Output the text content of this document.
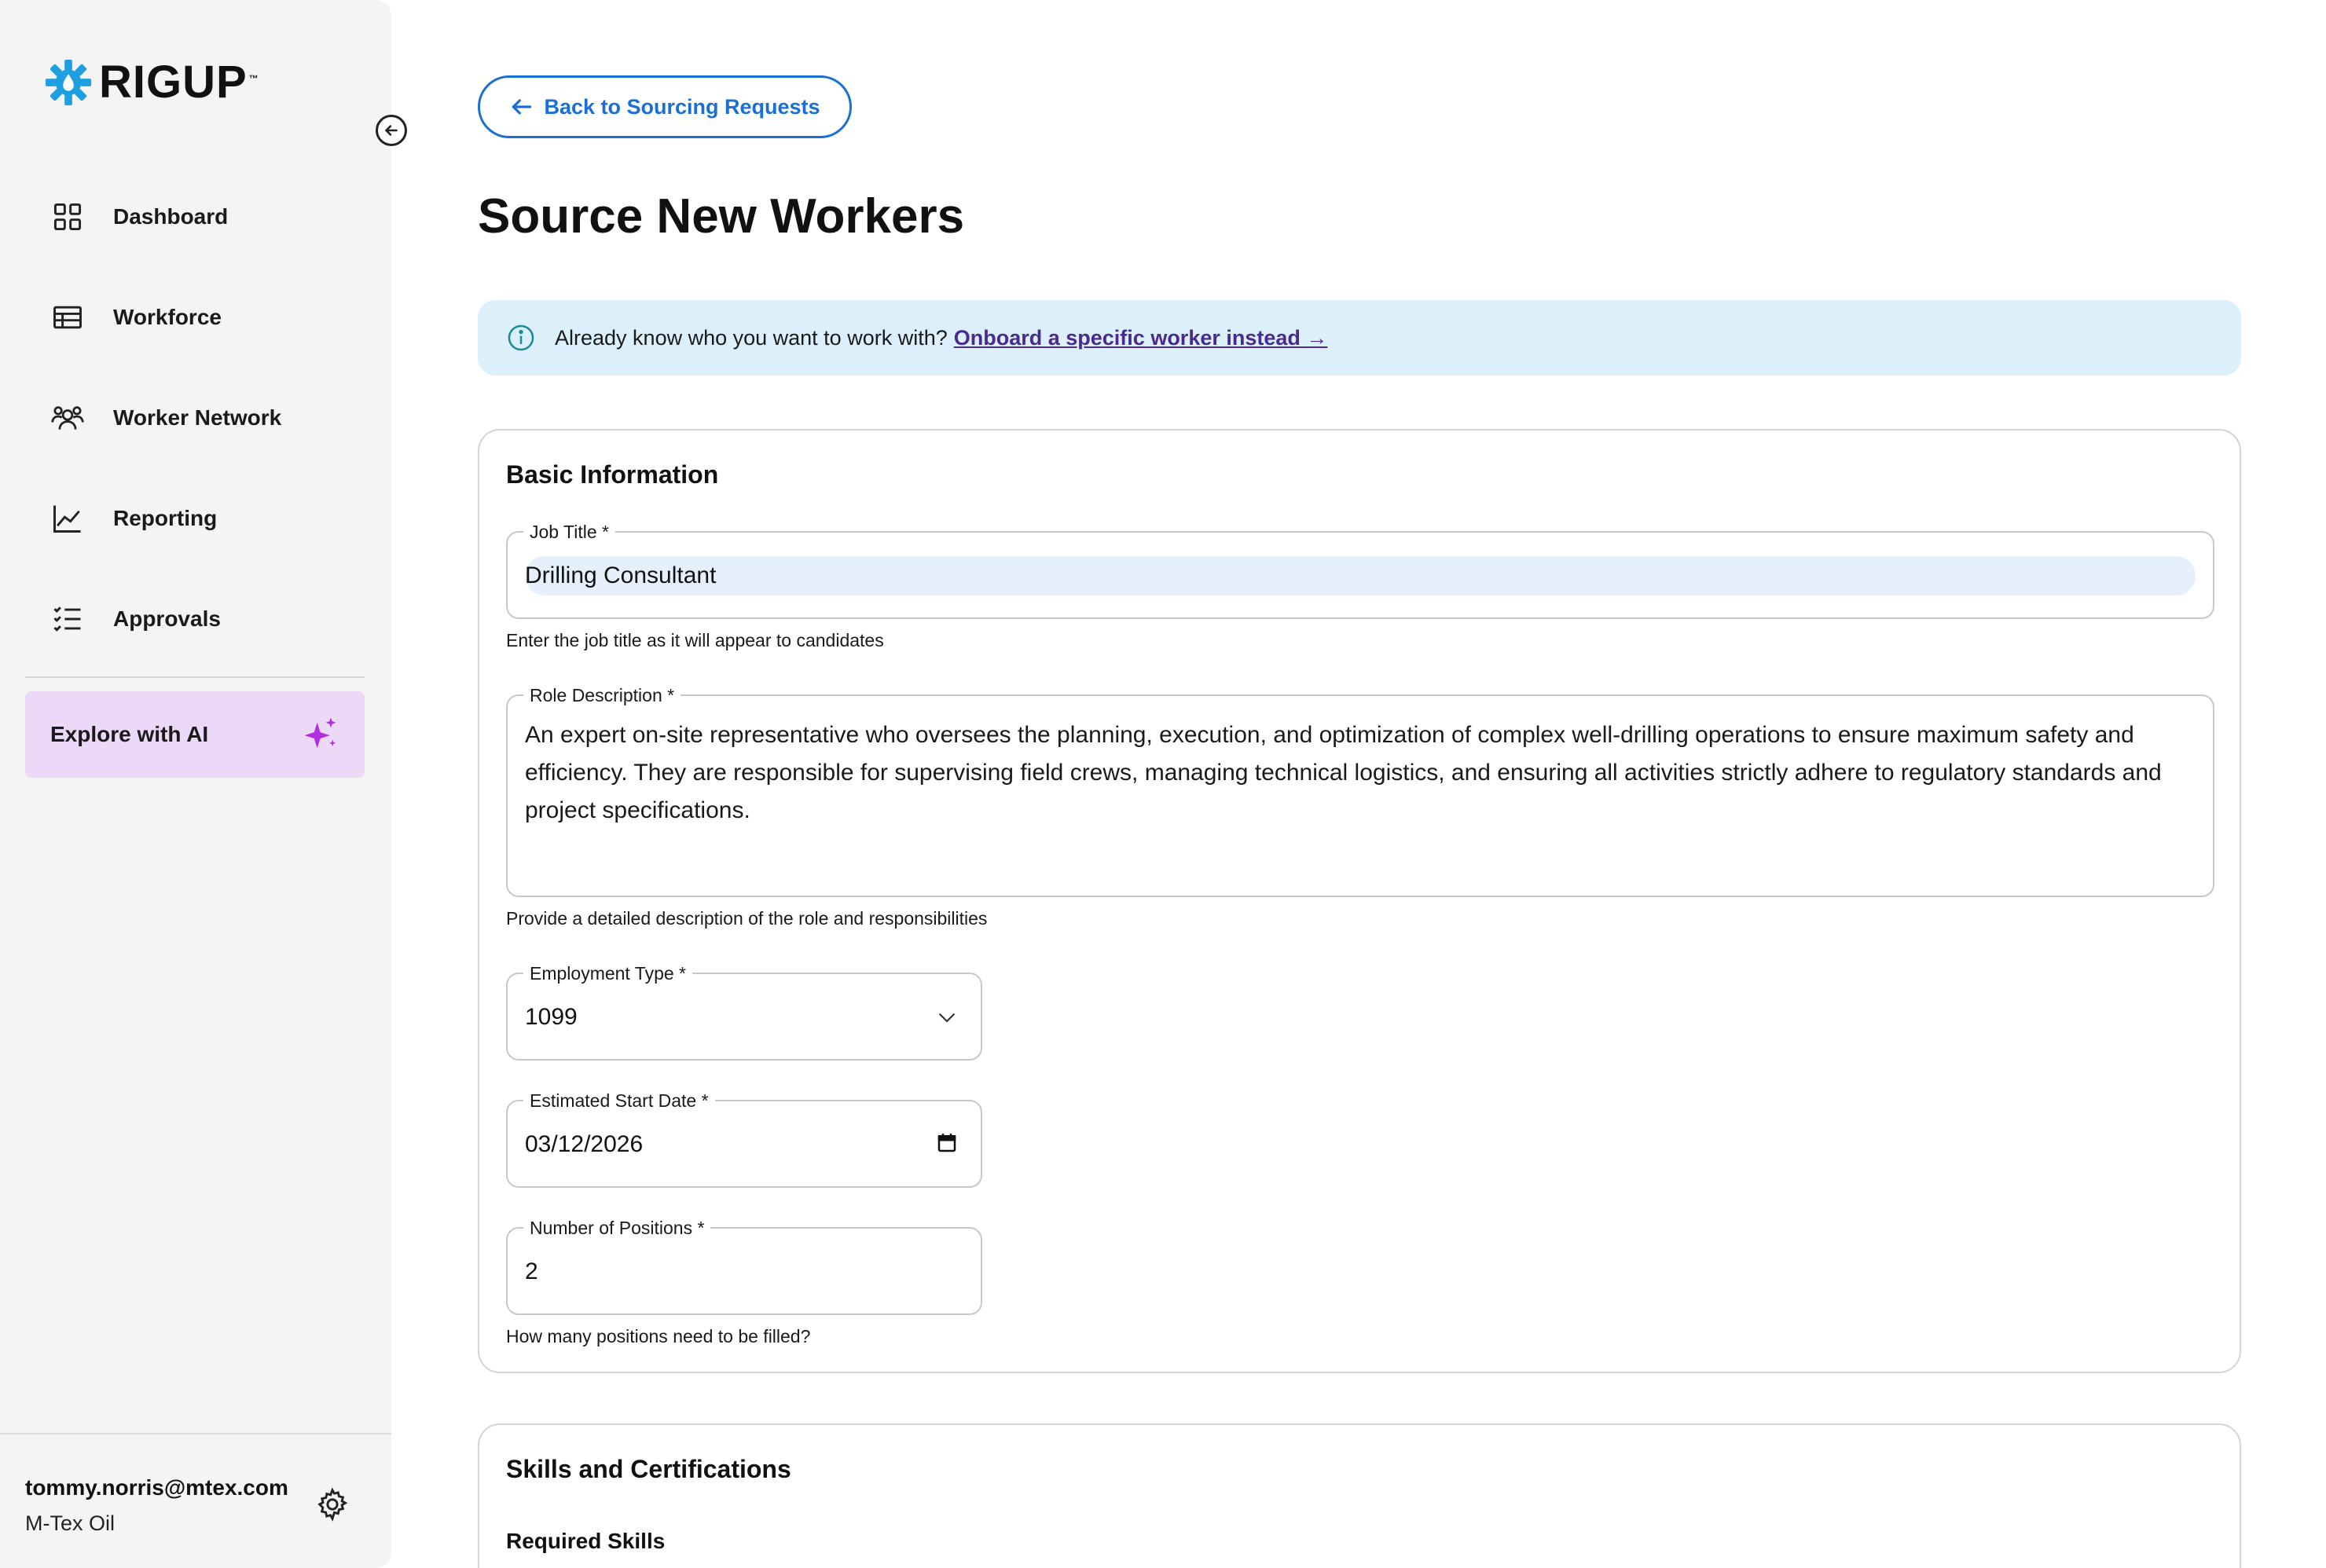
RIGUP ™
Dashboard
Workforce
Worker Network
Reporting
Approvals
Explore with AI
tommy.norris@mtex.com
M-Tex Oil
Back to Sourcing Requests
Source New Workers
Already know who you want to work with? Onboard a specific worker instead →
Basic Information
Job Title *
Drilling Consultant
Enter the job title as it will appear to candidates
Role Description *
An expert on-site representative who oversees the planning, execution, and optimization of complex well-drilling operations to ensure maximum safety and efficiency. They are responsible for supervising field crews, managing technical logistics, and ensuring all activities strictly adhere to regulatory standards and project specifications.
Provide a detailed description of the role and responsibilities
Employment Type *
1099
Estimated Start Date *
03/12/2026
Number of Positions *
2
How many positions need to be filled?
Skills and Certifications
Required Skills
